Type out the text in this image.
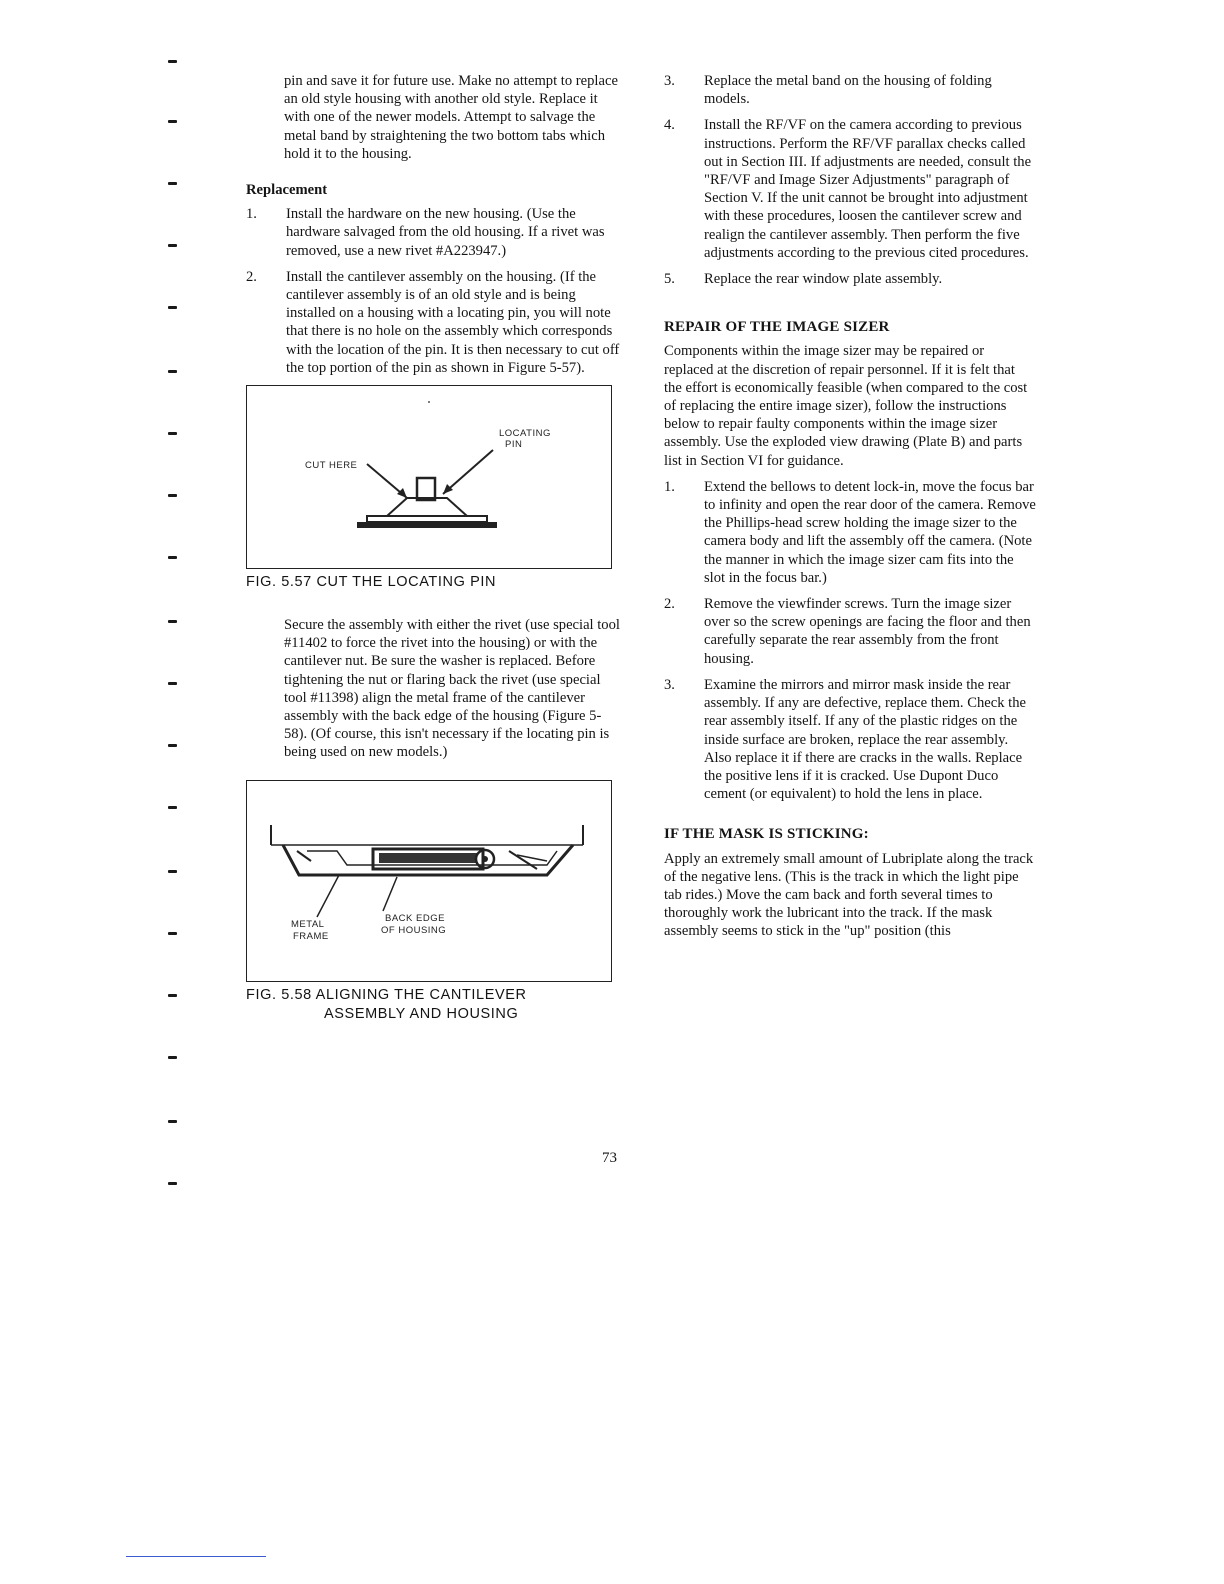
pin and save it for future use. Make no attempt to replace an old style housing with another old style. Replace it with one of the newer models. Attempt to salvage the metal band by straightening the two bottom tabs which hold it to the housing.

Replacement
1.	Install the hardware on the new housing. (Use the hardware salvaged from the old housing. If a rivet was removed, use a new rivet #A223947.)
2.	Install the cantilever assembly on the housing. (If the cantilever assembly is of an old style and is being installed on a housing with a locating pin, you will note that there is no hole on the assembly which corresponds with the location of the pin. It is then necessary to cut off the top portion of the pin as shown in Figure 5-57).
LOCATING
PIN
CUT HERE
FIG. 5.57 CUT THE LOCATING PIN

Secure the assembly with either the rivet (use special tool #11402 to force the rivet into the housing) or with the cantilever nut. Be sure the washer is replaced. Before tightening the nut or flaring back the rivet (use special tool #11398) align the metal frame of the cantilever assembly with the back edge of the housing (Figure 5-58). (Of course, this isn't necessary if the locating pin is being used on new models.)

METAL
FRAME
BACK EDGE
OF HOUSING
FIG. 5.58 ALIGNING THE CANTILEVER
ASSEMBLY AND HOUSING
3.	Replace the metal band on the housing of folding models.
4.	Install the RF/VF on the camera according to previous instructions. Perform the RF/VF parallax checks called out in Section III. If adjustments are needed, consult the "RF/VF and Image Sizer Adjustments" paragraph of Section V. If the unit cannot be brought into adjustment with these procedures, loosen the cantilever screw and realign the cantilever assembly. Then perform the five adjustments according to the previous cited procedures.
5.	Replace the rear window plate assembly.
REPAIR OF THE IMAGE SIZER

Components within the image sizer may be repaired or replaced at the discretion of repair personnel. If it is felt that the effort is economically feasible (when compared to the cost of replacing the entire image sizer), follow the instructions below to repair faulty components within the image sizer assembly. Use the exploded view drawing (Plate B) and parts list in Section VI for guidance.

1.	Extend the bellows to detent lock-in, move the focus bar to infinity and open the rear door of the camera. Remove the Phillips-head screw holding the image sizer to the camera body and lift the assembly off the camera. (Note the manner in which the image sizer cam fits into the slot in the focus bar.)
2.	Remove the viewfinder screws. Turn the image sizer over so the screw openings are facing the floor and then carefully separate the rear assembly from the front housing.
3.	Examine the mirrors and mirror mask inside the rear assembly. If any are defective, replace them. Check the rear assembly itself. If any of the plastic ridges on the inside surface are broken, replace the rear assembly. Also replace it if there are cracks in the walls. Replace the positive lens if it is cracked. Use Dupont Duco cement (or equivalent) to hold the lens in place.
IF THE MASK IS STICKING:

Apply an extremely small amount of Lubriplate along the track of the negative lens. (This is the track in which the light pipe tab rides.) Move the cam back and forth several times to thoroughly work the lubricant into the track. If the mask assembly seems to stick in the "up" position (this

73
